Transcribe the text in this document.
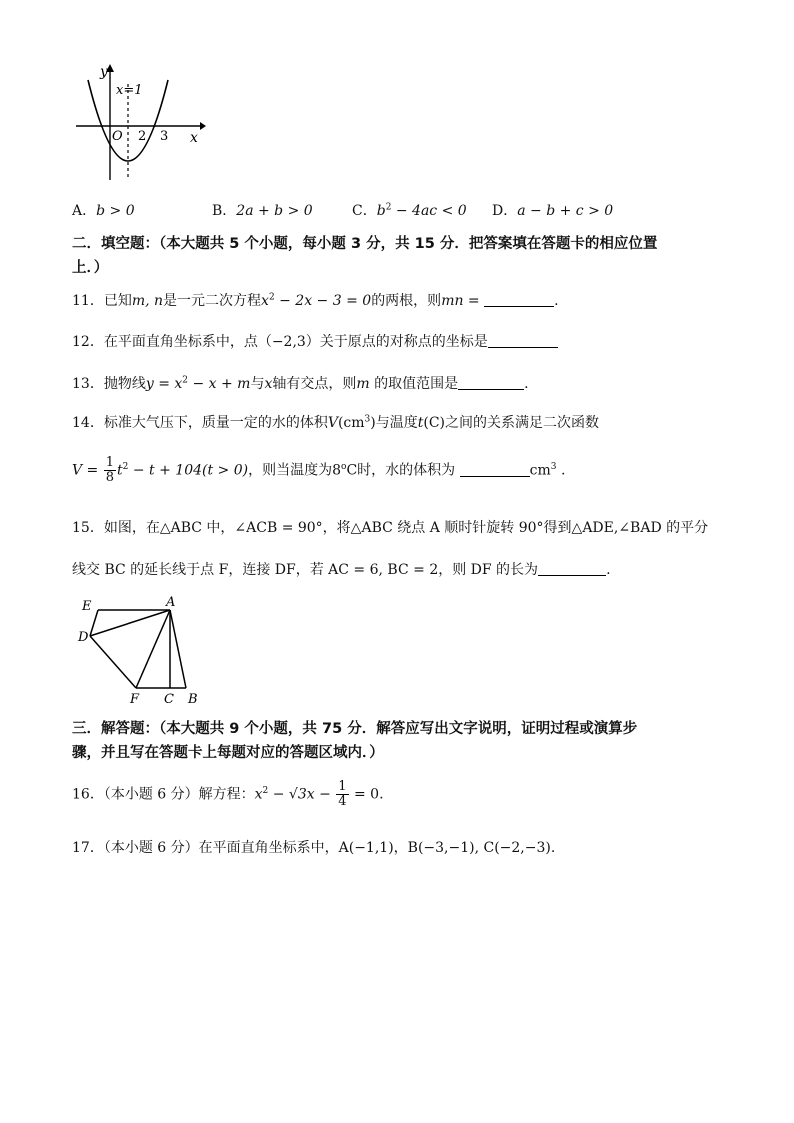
y
x
x=1
O 2 3
A．b > 0	B．2a + b > 0	C．$b^2 - 4ac < 0$ D．a − b + c > 0
二．填空题：（本大题共 5 个小题，每小题 3 分，共 15 分．把答案填在答题卡的相应位置
上．）
11．已知m, n是一元二次方程$x^2 - 2x - 3 = 0$的两根，则mn =	.
12．在平面直角坐标系中，点（−2,3）关于原点的对称点的坐标是
13．抛物线$y = x^2 - x + m$与x轴有交点，则m 的取值范围是	.
14．标准大气压下，质量一定的水的体积$V(cm^3)$与温度t(C)之间的关系满足二次函数
$V = \frac{1}{8} t^2 - t + 104(t > 0)$，则当温度为8$^o$C时，水的体积为	$cm^3$ .
15．如图，在△ABC 中，∠ACB = 90°，将△ABC 绕点 A 顺时针旋转 90°得到△ADE,∠BAD 的平分
线交 BC 的延长线于点 F，连接 DF，若 AC = 6, BC = 2，则 DF 的长为	.
E	A
D
F C B
三．解答题：（本大题共 9 个小题，共 75 分．解答应写出文字说明，证明过程或演算步
骤，并且写在答题卡上每题对应的答题区域内．）
16．（本小题 6 分）解方程：$x^2 - √3x - \frac{1}{4} = 0$.
17．（本小题 6 分）在平面直角坐标系中，A(−1,1)，B(−3,−1), C(−2,−3).
